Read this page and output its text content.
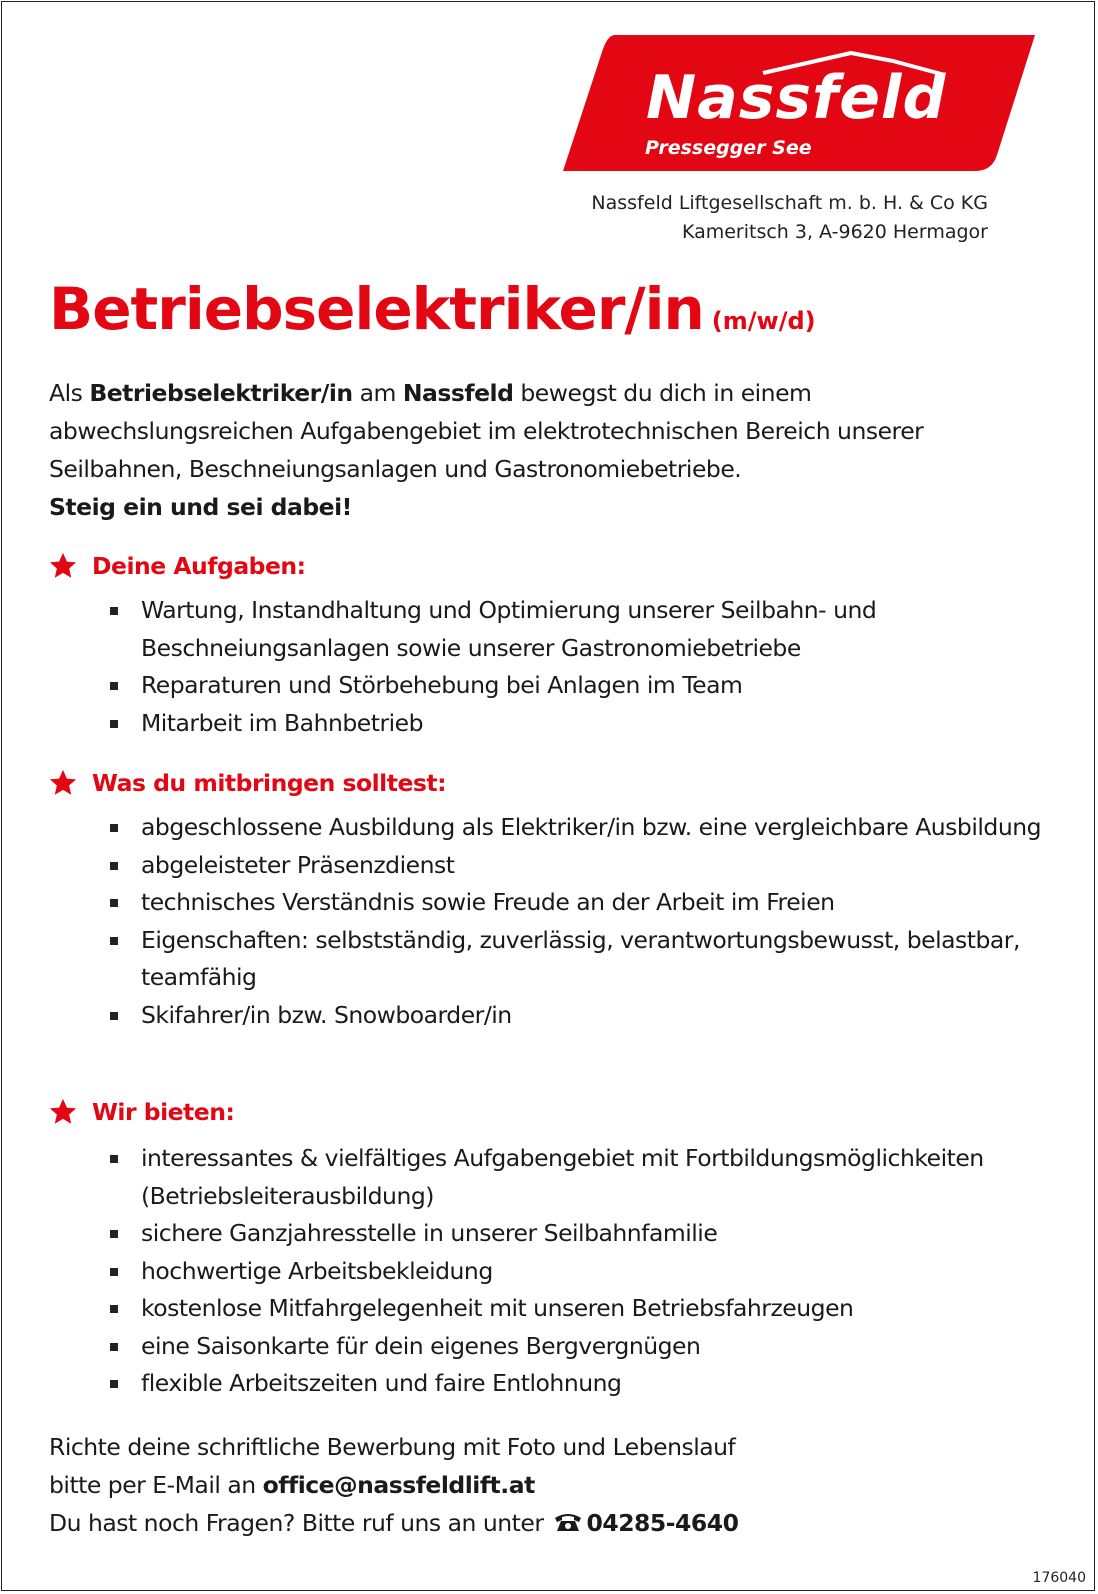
Nassfeld
Pressegger See
Nassfeld Liftgesellschaft m. b. H. & Co KG
Kameritsch 3, A-9620 Hermagor
Betriebselektriker/in (m/w/d)
Als Betriebselektriker/in am Nassfeld bewegst du dich in einem abwechslungsreichen Aufgabengebiet im elektrotechnischen Bereich unserer Seilbahnen, Beschneiungsanlagen und Gastronomiebetriebe.
Steig ein und sei dabei!
Deine Aufgaben:
Wartung, Instandhaltung und Optimierung unserer Seilbahn- und Beschneiungsanlagen sowie unserer Gastronomiebetriebe
Reparaturen und Störbehebung bei Anlagen im Team
Mitarbeit im Bahnbetrieb
Was du mitbringen solltest:
abgeschlossene Ausbildung als Elektriker/in bzw. eine vergleichbare Ausbildung
abgeleisteter Präsenzdienst
technisches Verständnis sowie Freude an der Arbeit im Freien
Eigenschaften: selbstständig, zuverlässig, verantwortungsbewusst, belastbar, teamfähig
Skifahrer/in bzw. Snowboarder/in
Wir bieten:
interessantes & vielfältiges Aufgabengebiet mit Fortbildungsmöglichkeiten (Betriebsleiterausbildung)
sichere Ganzjahresstelle in unserer Seilbahnfamilie
hochwertige Arbeitsbekleidung
kostenlose Mitfahrgelegenheit mit unseren Betriebsfahrzeugen
eine Saisonkarte für dein eigenes Bergvergnügen
flexible Arbeitszeiten und faire Entlohnung
Richte deine schriftliche Bewerbung mit Foto und Lebenslauf
bitte per E-Mail an office@nassfeldlift.at
Du hast noch Fragen? Bitte ruf uns an unter 04285-4640
176040
